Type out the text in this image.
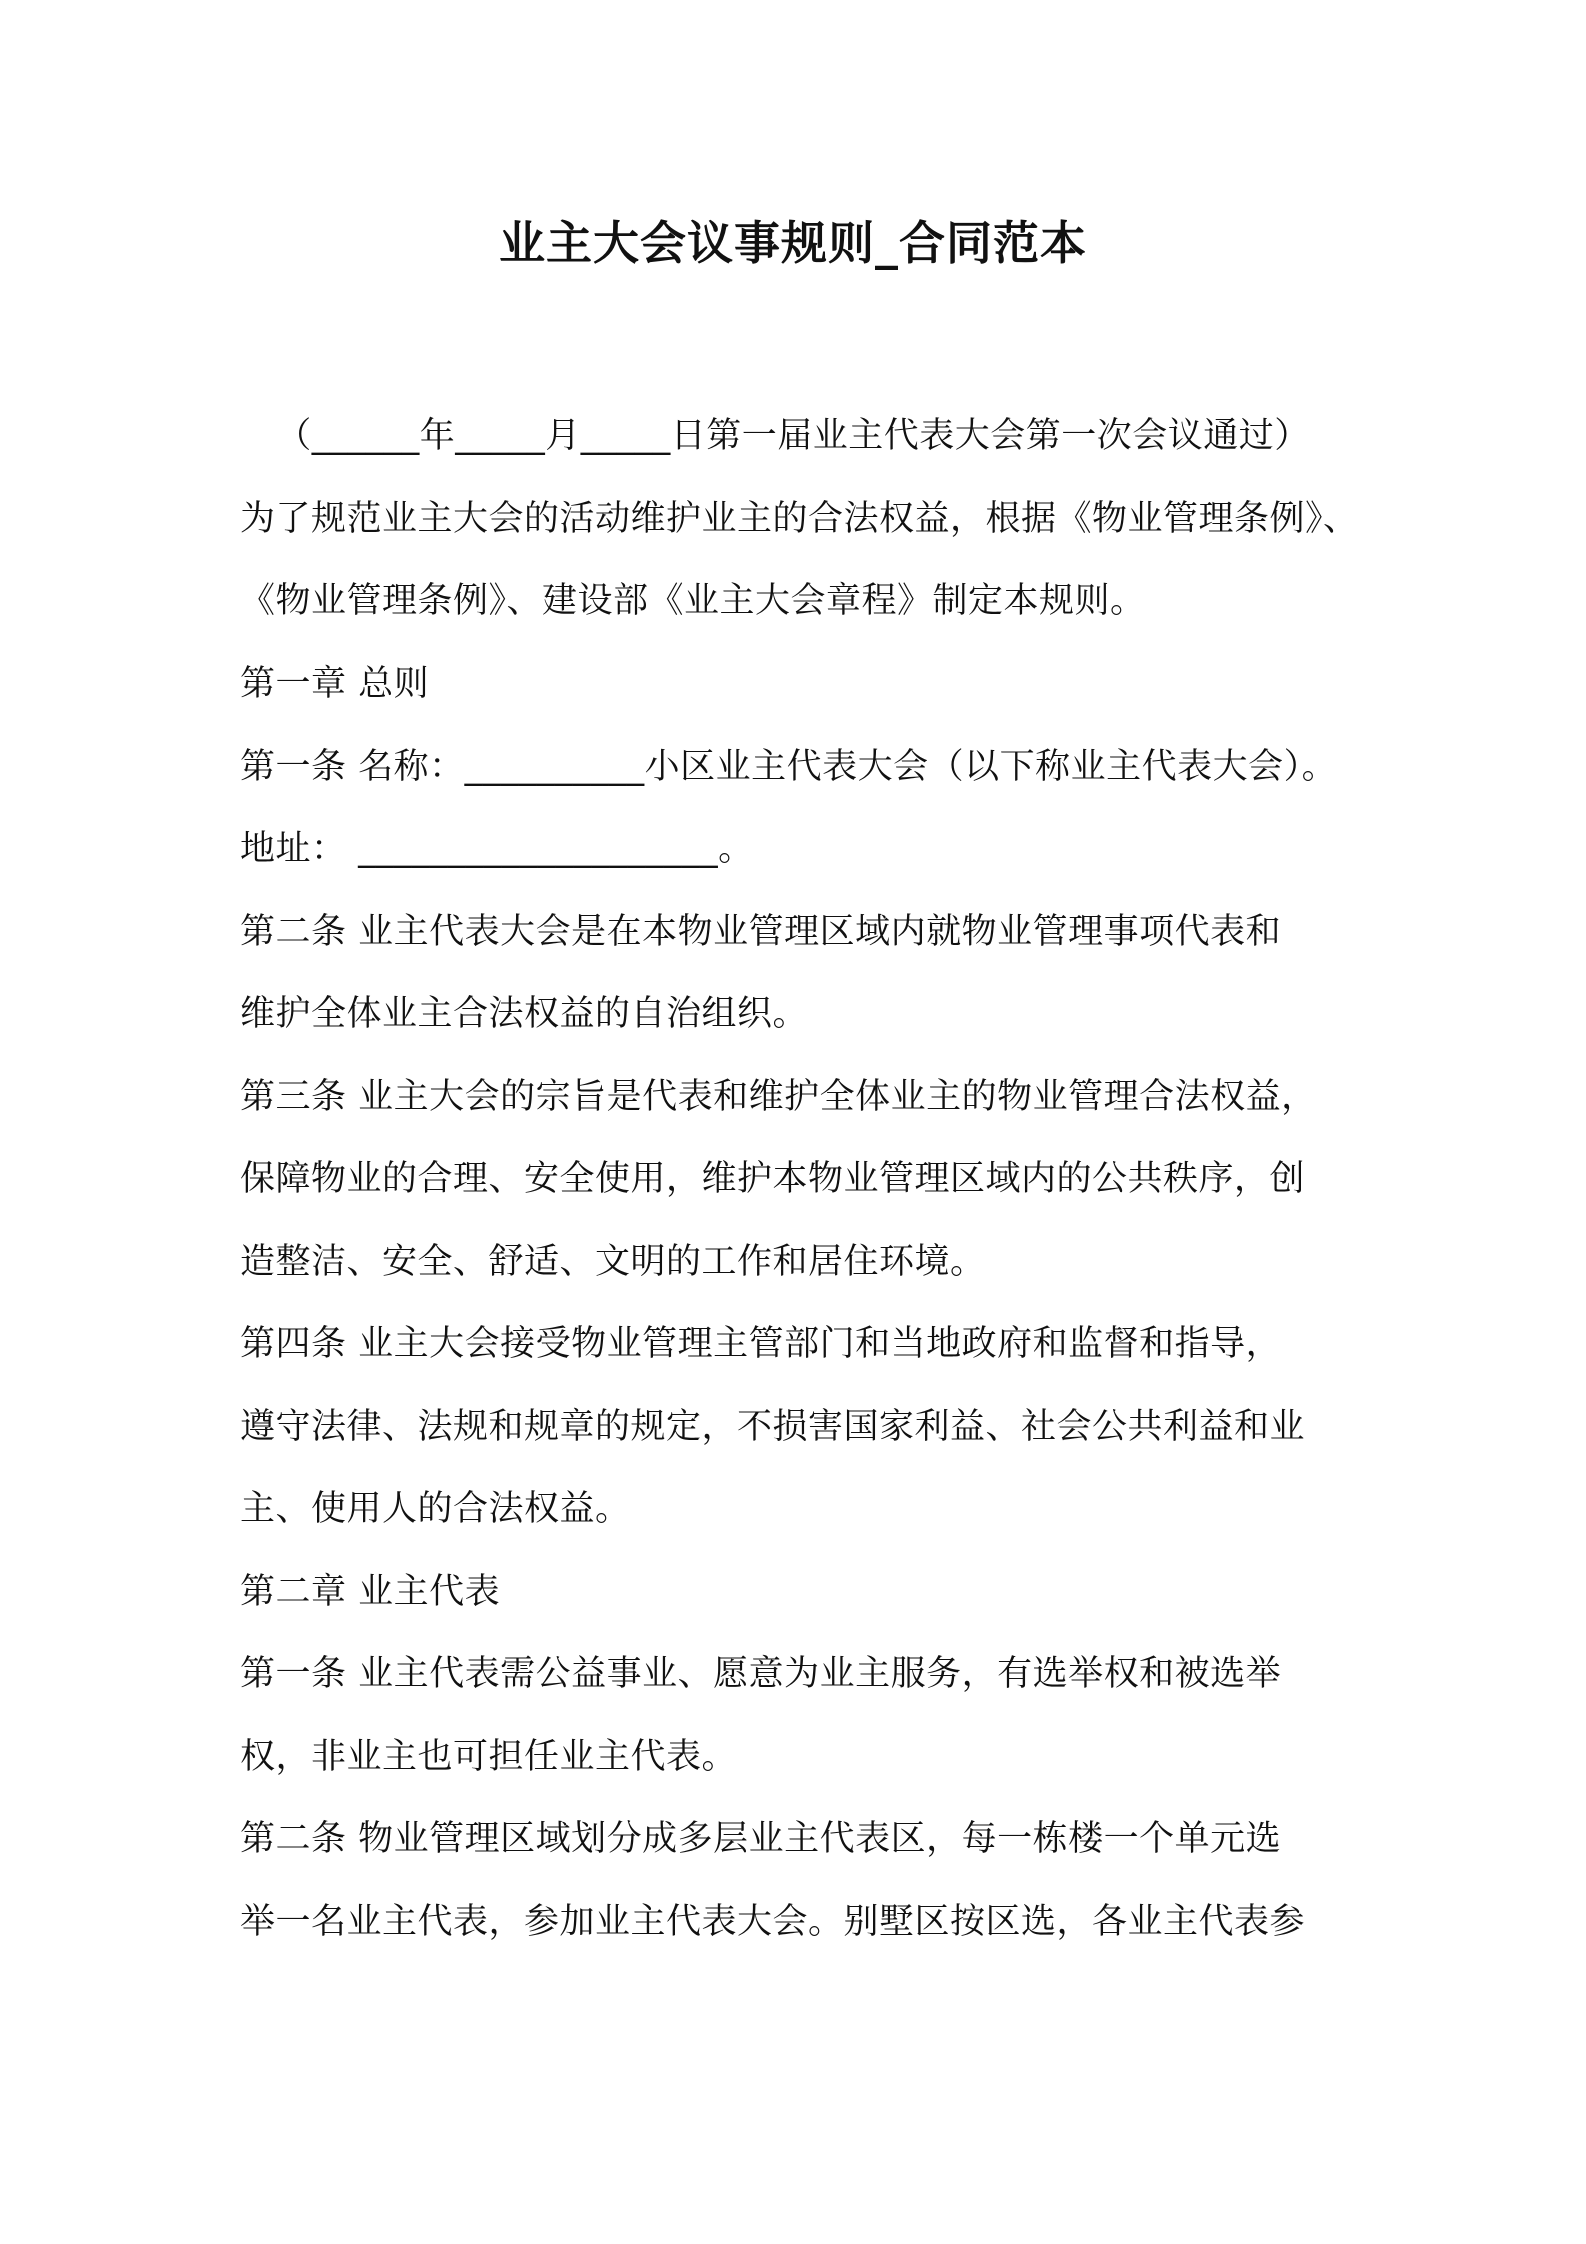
业主大会议事规则_合同范本
（______年_____月_____日第一届业主代表大会第一次会议通过）
为了规范业主大会的活动维护业主的合法权益，根据《物业管理条例》、
《物业管理条例》、建设部《业主大会章程》制定本规则。
第一章 总则
第一条 名称：__________小区业主代表大会（以下称业主代表大会）。
地址： ____________________。
第二条 业主代表大会是在本物业管理区域内就物业管理事项代表和
维护全体业主合法权益的自治组织。
第三条 业主大会的宗旨是代表和维护全体业主的物业管理合法权益，
保障物业的合理、安全使用，维护本物业管理区域内的公共秩序，创
造整洁、安全、舒适、文明的工作和居住环境。
第四条 业主大会接受物业管理主管部门和当地政府和监督和指导，
遵守法律、法规和规章的规定，不损害国家利益、社会公共利益和业
主、使用人的合法权益。
第二章 业主代表
第一条 业主代表需公益事业、愿意为业主服务，有选举权和被选举
权，非业主也可担任业主代表。
第二条 物业管理区域划分成多层业主代表区，每一栋楼一个单元选
举一名业主代表，参加业主代表大会。别墅区按区选，各业主代表参
